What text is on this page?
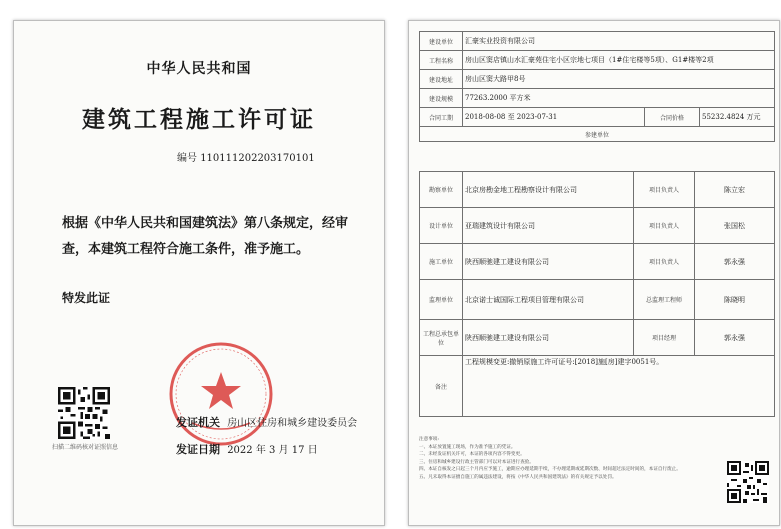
中华人民共和国
建筑工程施工许可证
编号 110111202203170101
根据《中华人民共和国建筑法》第八条规定，经审查，本建筑工程符合施工条件，准予施工。
特发此证
扫描二维码核对证照信息
发证机关 房山区住房和城乡建设委员会
发证日期 2022 年 3 月 17 日
建设单位	汇豪实业投资有限公司		
工程名称	房山区窦店镇山水汇豪苑住宅小区宗地七项目（1#住宅楼等5项）、G1#楼等2项		
建设地址	房山区窦大路甲8号		
建设规模	77263.2000 平方米		
合同工期	2018-08-08 至 2023-07-31	合同价格	55232.4824 万元
参建单位			
勘察单位	北京房勘金地工程勘察设计有限公司	项目负责人	陈立宏
设计单位	亚瑞建筑设计有限公司	项目负责人	张国松
施工单位	陕西顺驰建工建设有限公司	项目负责人	郭永强
监理单位	北京诺士诚国际工程项目管理有限公司	总监理工程师	陈晓明
工程总承包单位	陕西顺驰建工建设有限公司	项目经理	郭永强
备注	工程规模变更:撤销原施工许可证号:[2018]施[房]建字0051号。		
注意事项:
一、本证放置施工现场，作为准予施工的凭证。
二、未经发证机关许可，本证的各项内容不得变更。
三、住房和城乡建设行政主管部门可以对本证进行查验。
四、本证自核发之日起三个月内应予施工，逾期应办理延期手续，不办理延期或延期次数、时间超过法定时间的，本证自行废止。
五、凡未取得本证擅自施工的属违法建设，将按《中华人民共和国建筑法》的有关规定予以处罚。
